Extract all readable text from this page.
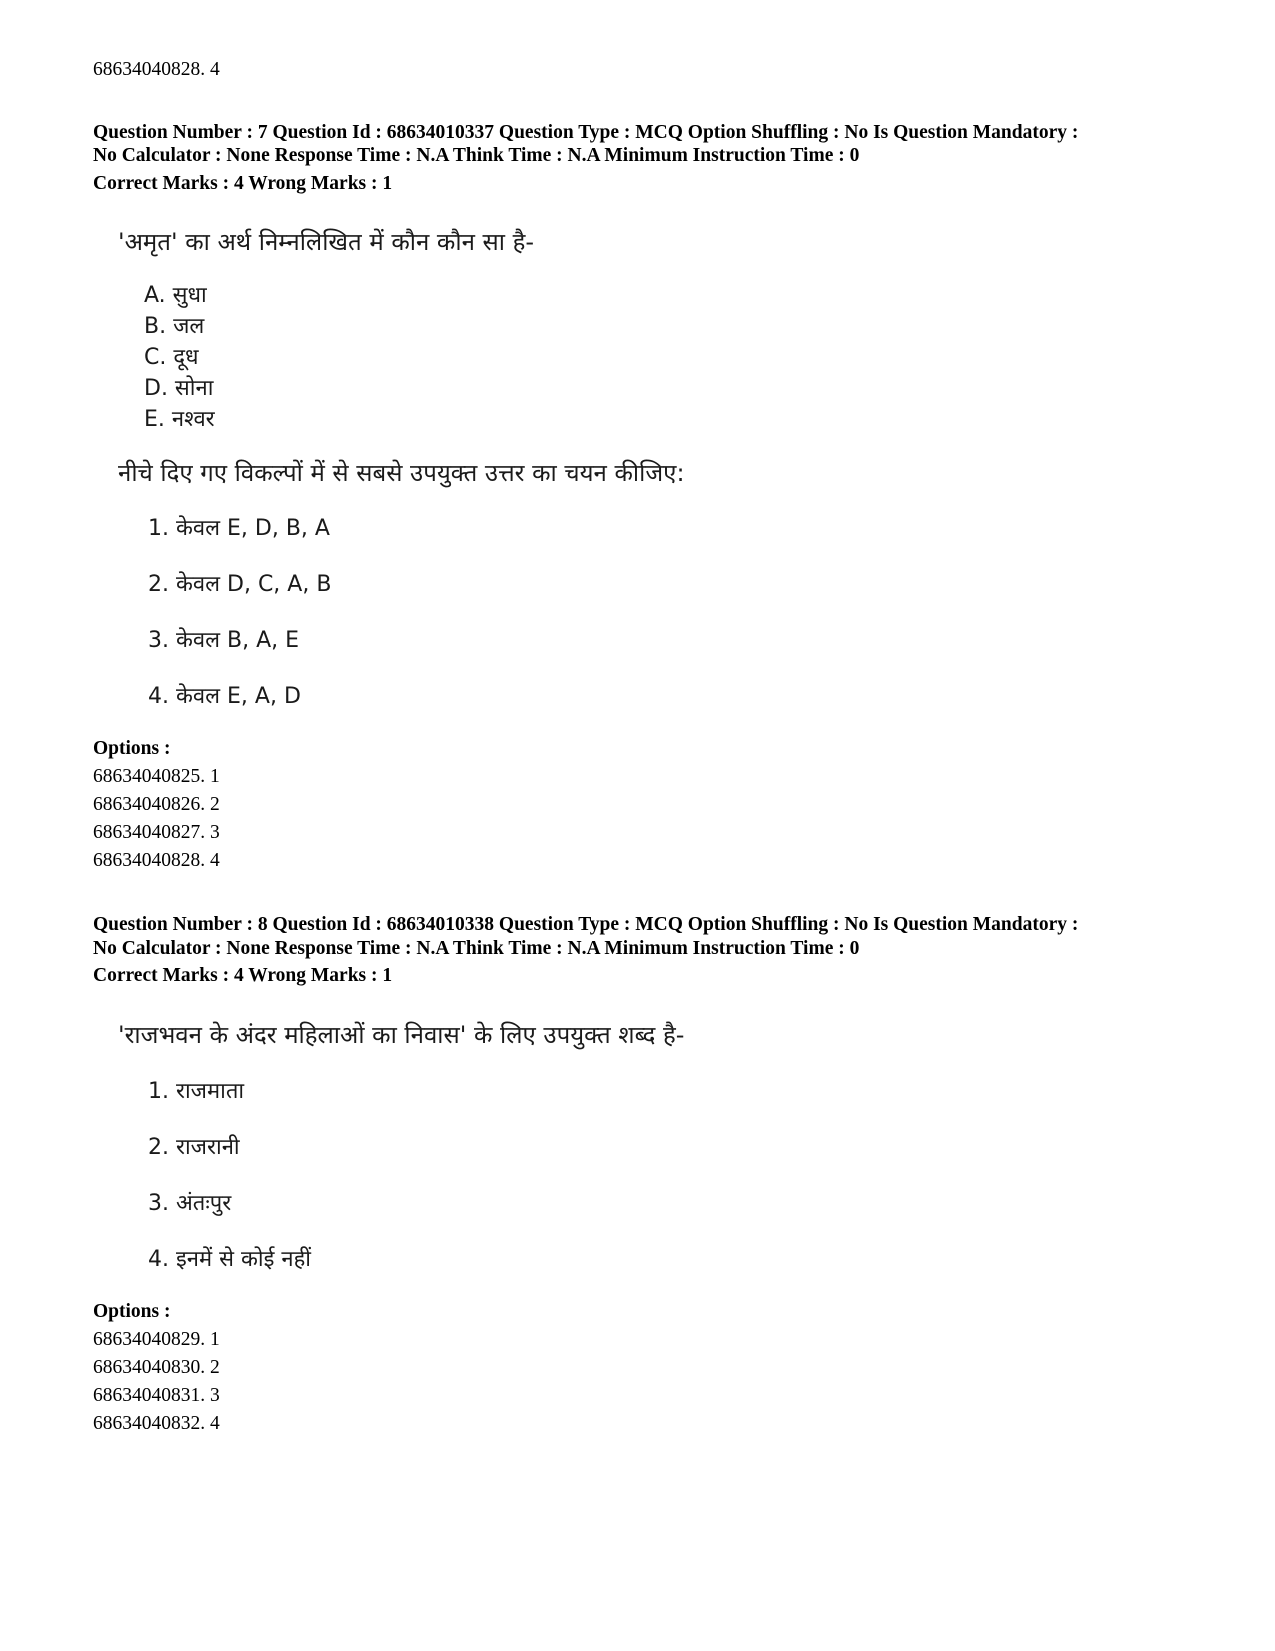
68634040828. 4
Question Number : 7 Question Id : 68634010337 Question Type : MCQ Option Shuffling : No Is Question Mandatory :
No Calculator : None Response Time : N.A Think Time : N.A Minimum Instruction Time : 0
Correct Marks : 4 Wrong Marks : 1
'अमृत' का अर्थ निम्नलिखित में कौन कौन सा है-
A. सुधा
B. जल
C. दूध
D. सोना
E. नश्वर
नीचे दिए गए विकल्पों में से सबसे उपयुक्त उत्तर का चयन कीजिए:
1. केवल E, D, B, A
2. केवल D, C, A, B
3. केवल B, A, E
4. केवल E, A, D
Options :
68634040825. 1
68634040826. 2
68634040827. 3
68634040828. 4
Question Number : 8 Question Id : 68634010338 Question Type : MCQ Option Shuffling : No Is Question Mandatory :
No Calculator : None Response Time : N.A Think Time : N.A Minimum Instruction Time : 0
Correct Marks : 4 Wrong Marks : 1
'राजभवन के अंदर महिलाओं का निवास' के लिए उपयुक्त शब्द है-
1. राजमाता
2. राजरानी
3. अंतःपुर
4. इनमें से कोई नहीं
Options :
68634040829. 1
68634040830. 2
68634040831. 3
68634040832. 4
